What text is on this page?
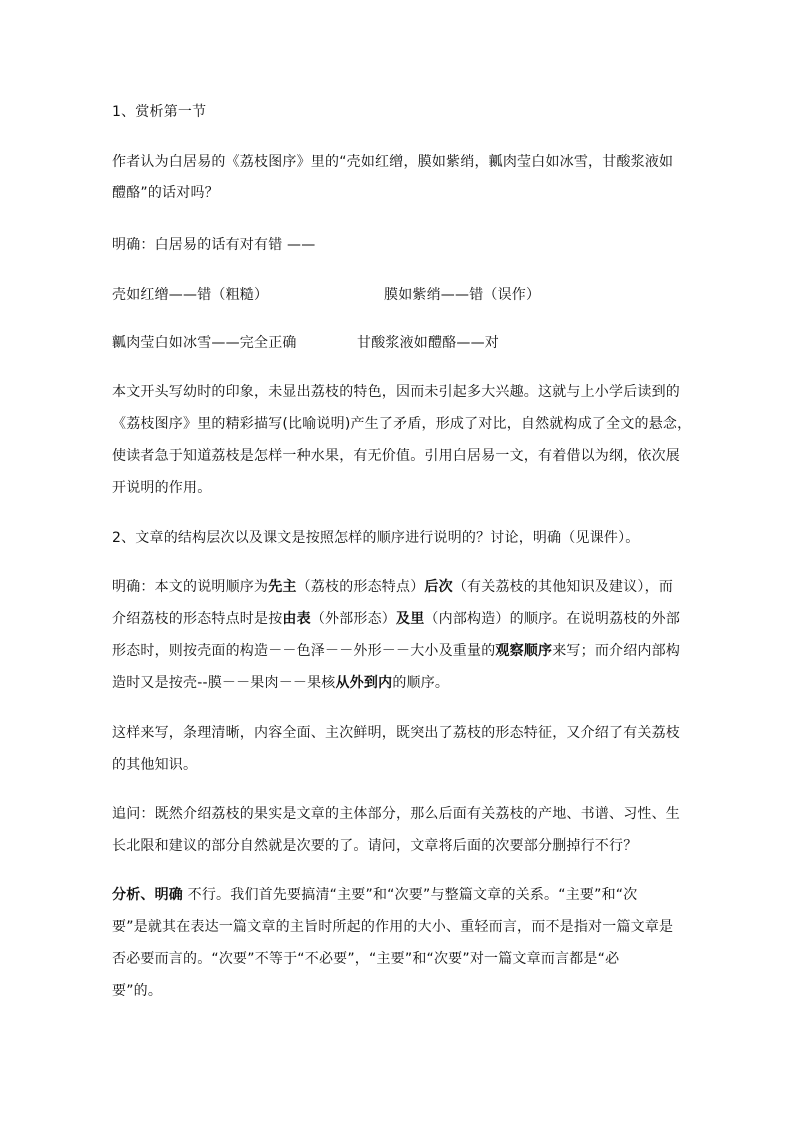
1、赏析第一节
作者认为白居易的《荔枝图序》里的“壳如红缯，膜如紫绡，瓤肉莹白如冰雪，甘酸浆液如
醴酪”的话对吗？
明确：白居易的话有对有错 ——
壳如红缯——错（粗糙）	膜如紫绡——错（误作）
瓤肉莹白如冰雪——完全正确	甘酸浆液如醴酪——对
本文开头写幼时的印象，未显出荔枝的特色，因而未引起多大兴趣。这就与上小学后读到的
《荔枝图序》里的精彩描写(比喻说明)产生了矛盾，形成了对比，自然就构成了全文的悬念，
使读者急于知道荔枝是怎样一种水果，有无价值。引用白居易一文，有着借以为纲，依次展
开说明的作用。
2、文章的结构层次以及课文是按照怎样的顺序进行说明的？讨论，明确（见课件）。
明确：本文的说明顺序为先主（荔枝的形态特点）后次（有关荔枝的其他知识及建议），而
介绍荔枝的形态特点时是按由表（外部形态）及里（内部构造）的顺序。在说明荔枝的外部
形态时，则按壳面的构造－－色泽－－外形－－大小及重量的观察顺序来写；而介绍内部构
造时又是按壳--膜－－果肉－－果核从外到内的顺序。
这样来写，条理清晰，内容全面、主次鲜明，既突出了荔枝的形态特征，又介绍了有关荔枝
的其他知识。
追问：既然介绍荔枝的果实是文章的主体部分，那么后面有关荔枝的产地、书谱、习性、生
长北限和建议的部分自然就是次要的了。请问，文章将后面的次要部分删掉行不行？
分析、明确 不行。我们首先要搞清“主要”和“次要”与整篇文章的关系。“主要”和“次
要”是就其在表达一篇文章的主旨时所起的作用的大小、重轻而言，而不是指对一篇文章是
否必要而言的。“次要”不等于“不必要”，“主要”和“次要”对一篇文章而言都是“必
要”的。
